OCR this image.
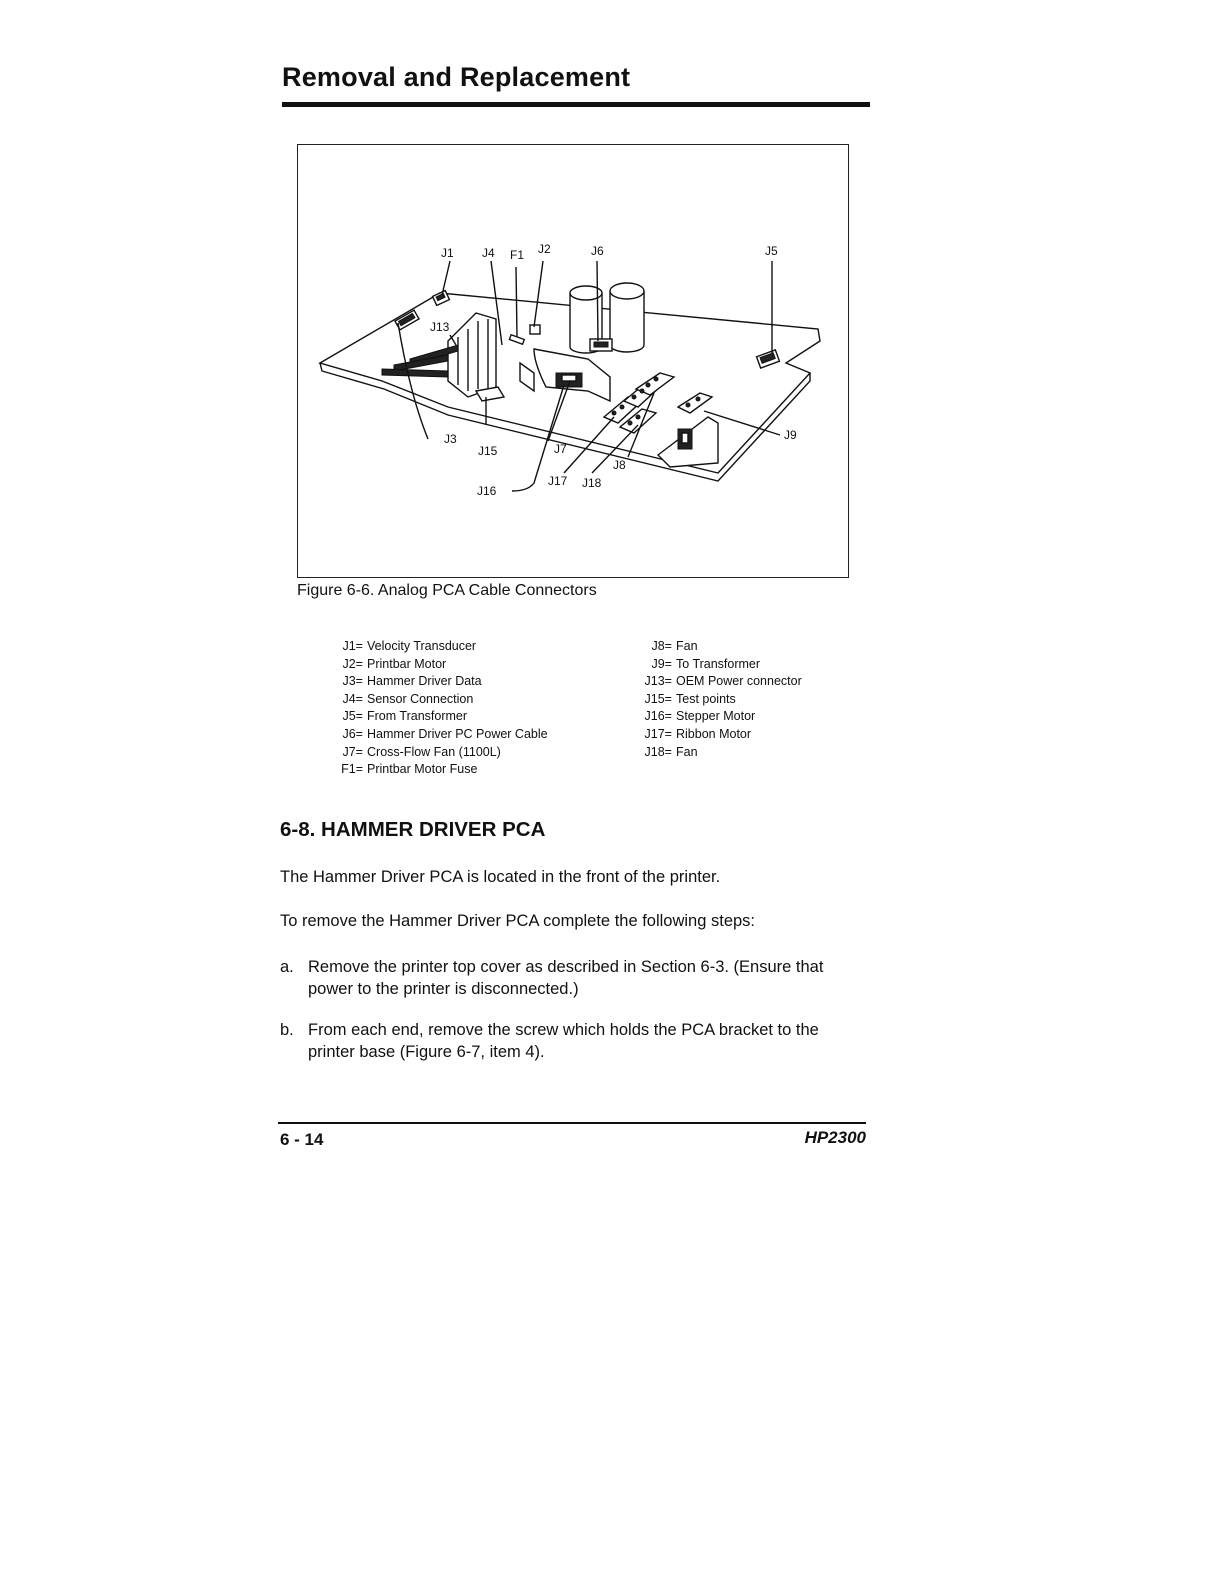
Removal and Replacement
J1 J4 F1 J2	J6	J5
J13
J3
J15	J7
J16
J17 J18
J8
J9
Figure 6-6. Analog PCA Cable Connectors
J1= Velocity Transducer
J2= Printbar Motor
J3= Hammer Driver Data
J4= Sensor Connection
J5= From Transformer
J6= Hammer Driver PC Power Cable
J7= Cross-Flow Fan (1100L)
F1= Printbar Motor Fuse
J8= Fan
J9= To Transformer
J13= OEM Power connector
J15= Test points
J16= Stepper Motor
J17= Ribbon Motor
J18= Fan
6-8. HAMMER DRIVER PCA

The Hammer Driver PCA is located in the front of the printer.

To remove the Hammer Driver PCA complete the following steps:

a. Remove the printer top cover as described in Section 6-3. (Ensure that power to the printer is disconnected.)
b. From each end, remove the screw which holds the PCA bracket to the printer base (Figure 6-7, item 4).
6 - 14	HP2300
